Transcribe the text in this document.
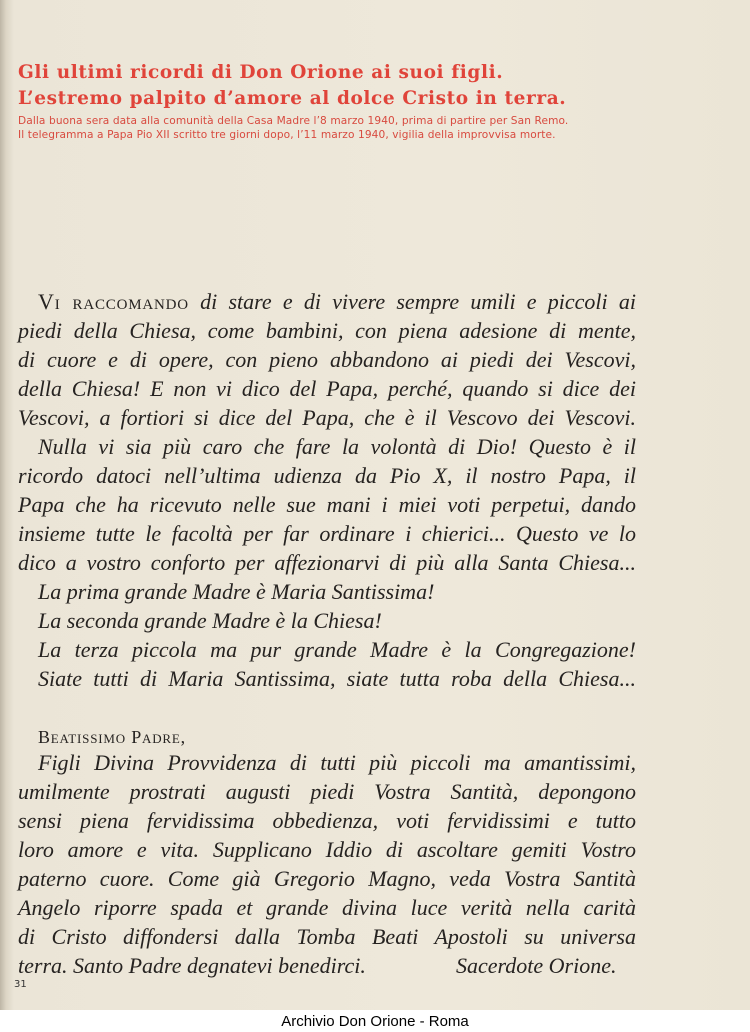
Gli ultimi ricordi di Don Orione ai suoi figli.
L’estremo palpito d’amore al dolce Cristo in terra.
Dalla buona sera data alla comunità della Casa Madre l’8 marzo 1940, prima di partire per San Remo.
Il telegramma a Papa Pio XII scritto tre giorni dopo, l’11 marzo 1940, vigilia della improvvisa morte.
Vi raccomando di stare e di vivere sempre umili e piccoli ai
piedi della Chiesa, come bambini, con piena adesione di mente,
di cuore e di opere, con pieno abbandono ai piedi dei Vescovi,
della Chiesa! E non vi dico del Papa, perché, quando si dice dei
Vescovi, a fortiori si dice del Papa, che è il Vescovo dei Vescovi.
Nulla vi sia più caro che fare la volontà di Dio! Questo è il
ricordo datoci nell’ultima udienza da Pio X, il nostro Papa, il
Papa che ha ricevuto nelle sue mani i miei voti perpetui, dando
insieme tutte le facoltà per far ordinare i chierici... Questo ve lo
dico a vostro conforto per affezionarvi di più alla Santa Chiesa...
La prima grande Madre è Maria Santissima!
La seconda grande Madre è la Chiesa!
La terza piccola ma pur grande Madre è la Congregazione!
Siate tutti di Maria Santissima, siate tutta roba della Chiesa...
Beatissimo Padre,
Figli Divina Provvidenza di tutti più piccoli ma amantissimi,
umilmente prostrati augusti piedi Vostra Santità, depongono
sensi piena fervidissima obbedienza, voti fervidissimi e tutto
loro amore e vita. Supplicano Iddio di ascoltare gemiti Vostro
paterno cuore. Come già Gregorio Magno, veda Vostra Santità
Angelo riporre spada et grande divina luce verità nella carità
di Cristo diffondersi dalla Tomba Beati Apostoli su universa
terra. Santo Padre degnatevi benedirci.	Sacerdote Orione.
31
Archivio Don Orione - Roma
